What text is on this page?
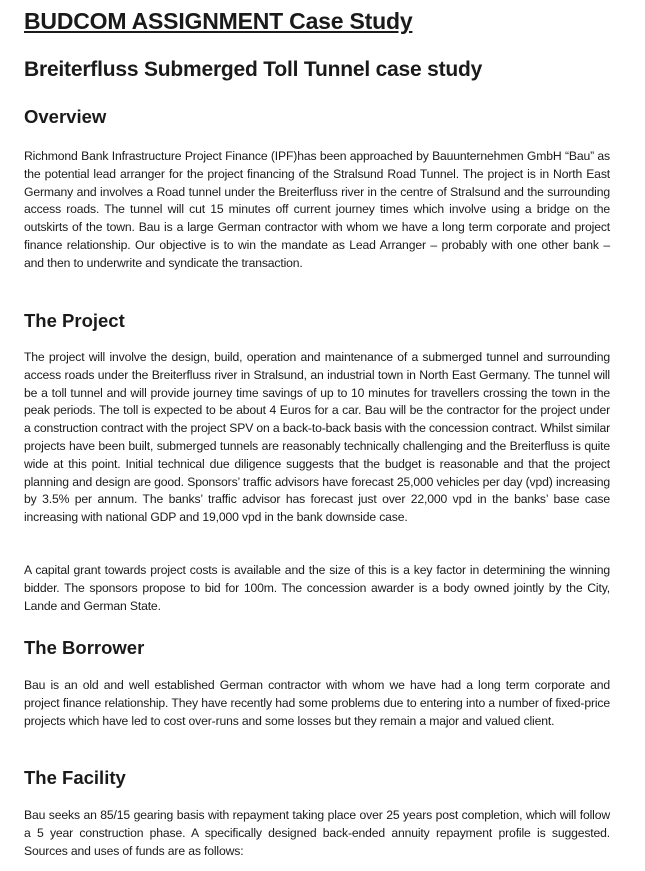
BUDCOM ASSIGNMENT Case Study
Breiterfluss Submerged Toll Tunnel case study
Overview

Richmond Bank Infrastructure Project Finance (IPF)has been approached by Bauunternehmen GmbH “Bau” as the potential lead arranger for the project financing of the Stralsund Road Tunnel. The project is in North East Germany and involves a Road tunnel under the Breiterfluss river in the centre of Stralsund and the surrounding access roads. The tunnel will cut 15 minutes off current journey times which involve using a bridge on the outskirts of the town. Bau is a large German contractor with whom we have a long term corporate and project finance relationship. Our objective is to win the mandate as Lead Arranger – probably with one other bank – and then to underwrite and syndicate the transaction.

The Project

The project will involve the design, build, operation and maintenance of a submerged tunnel and surrounding access roads under the Breiterfluss river in Stralsund, an industrial town in North East Germany. The tunnel will be a toll tunnel and will provide journey time savings of up to 10 minutes for travellers crossing the town in the peak periods. The toll is expected to be about 4 Euros for a car. Bau will be the contractor for the project under a construction contract with the project SPV on a back-to-back basis with the concession contract. Whilst similar projects have been built, submerged tunnels are reasonably technically challenging and the Breiterfluss is quite wide at this point. Initial technical due diligence suggests that the budget is reasonable and that the project planning and design are good. Sponsors’ traffic advisors have forecast 25,000 vehicles per day (vpd) increasing by 3.5% per annum. The banks’ traffic advisor has forecast just over 22,000 vpd in the banks’ base case increasing with national GDP and 19,000 vpd in the bank downside case.

A capital grant towards project costs is available and the size of this is a key factor in determining the winning bidder. The sponsors propose to bid for 100m. The concession awarder is a body owned jointly by the City, Lande and German State.

The Borrower

Bau is an old and well established German contractor with whom we have had a long term corporate and project finance relationship. They have recently had some problems due to entering into a number of fixed-price projects which have led to cost over-runs and some losses but they remain a major and valued client.

The Facility

Bau seeks an 85/15 gearing basis with repayment taking place over 25 years post completion, which will follow a 5 year construction phase. A specifically designed back-ended annuity repayment profile is suggested. Sources and uses of funds are as follows:
